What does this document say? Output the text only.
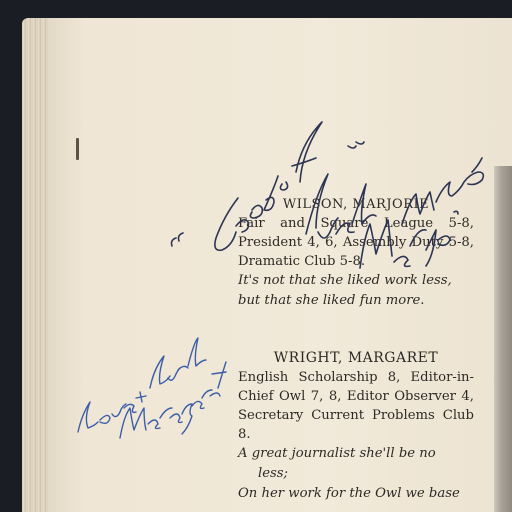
WILSON, MARJORIE

Fair and Square League 5-8, President 4, 6, Assembly Duty 5-8, Dramatic Club 5-8.

It's not that she liked work less,
but that she liked fun more.

WRIGHT, MARGARET

English Scholarship 8, Editor-in-Chief Owl 7, 8, Editor Observer 4, Secretary Current Problems Club 8.

A great journalist she'll be no
less;
On her work for the Owl we base
